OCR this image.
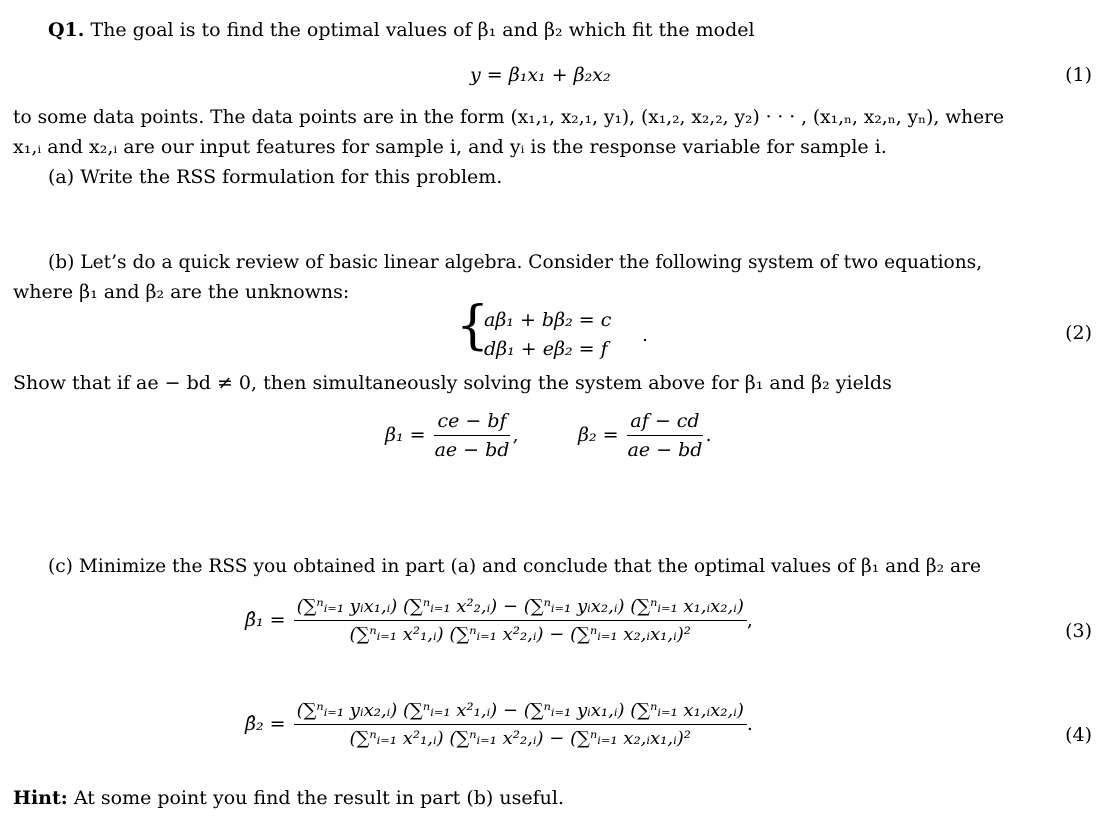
Q1. The goal is to find the optimal values of β₁ and β₂ which fit the model
y = β₁x₁ + β₂x₂	(1)
to some data points. The data points are in the form (x₁,₁, x₂,₁, y₁), (x₁,₂, x₂,₂, y₂) · · · , (x₁,ₙ, x₂,ₙ, yₙ), where
x₁,ᵢ and x₂,ᵢ are our input features for sample i, and yᵢ is the response variable for sample i.
(a) Write the RSS formulation for this problem.
(b) Let’s do a quick review of basic linear algebra. Consider the following system of two equations,
where β₁ and β₂ are the unknowns:
{
aβ₁ + bβ₂ = c
dβ₁ + eβ₂ = f
.	(2)
Show that if ae − bd ≠ 0, then simultaneously solving the system above for β₁ and β₂ yields
$\beta_1 = \frac{ce - bf}{ae - bd}$ ,	$\beta_2 = \frac{af - cd}{ae - bd}$ .
(c) Minimize the RSS you obtained in part (a) and conclude that the optimal values of β₁ and β₂ are
β̂₁ =
(∑ⁿᵢ₌₁ yᵢx₁,ᵢ) (∑ⁿᵢ₌₁ x²₂,ᵢ) − (∑ⁿᵢ₌₁ yᵢx₂,ᵢ) (∑ⁿᵢ₌₁ x₁,ᵢx₂,ᵢ)
(∑ⁿᵢ₌₁ x²₁,ᵢ) (∑ⁿᵢ₌₁ x²₂,ᵢ) − (∑ⁿᵢ₌₁ x₂,ᵢx₁,ᵢ)²
,	(3)
β̂₂ =
(∑ⁿᵢ₌₁ yᵢx₂,ᵢ) (∑ⁿᵢ₌₁ x²₁,ᵢ) − (∑ⁿᵢ₌₁ yᵢx₁,ᵢ) (∑ⁿᵢ₌₁ x₁,ᵢx₂,ᵢ)
(∑ⁿᵢ₌₁ x²₁,ᵢ) (∑ⁿᵢ₌₁ x²₂,ᵢ) − (∑ⁿᵢ₌₁ x₂,ᵢx₁,ᵢ)²
.	(4)
Hint: At some point you find the result in part (b) useful.
